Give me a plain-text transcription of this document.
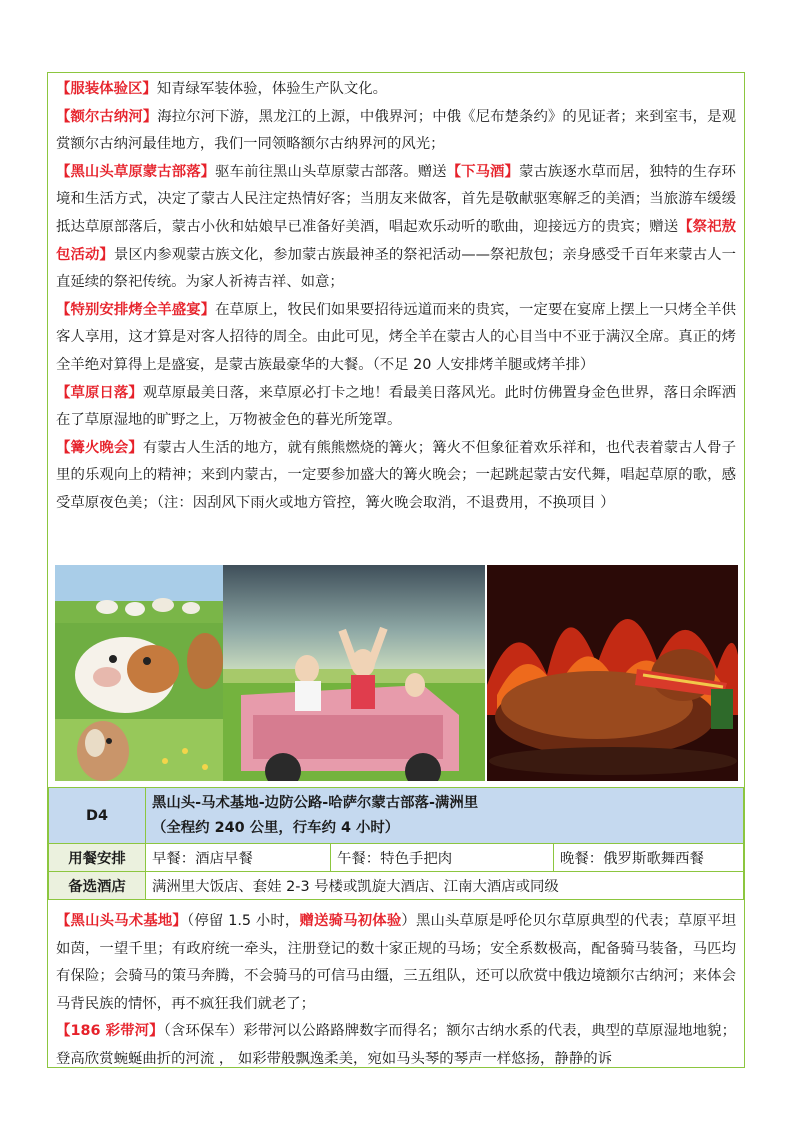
【服装体验区】知青绿军装体验，体验生产队文化。

【额尔古纳河】海拉尔河下游，黑龙江的上源，中俄界河；中俄《尼布楚条约》的见证者；来到室韦，是观赏额尔古纳河最佳地方，我们一同领略额尔古纳界河的风光；

【黑山头草原蒙古部落】驱车前往黑山头草原蒙古部落。赠送【下马酒】蒙古族逐水草而居，独特的生存环境和生活方式，决定了蒙古人民注定热情好客；当朋友来做客，首先是敬献驱寒解乏的美酒；当旅游车缓缓抵达草原部落后，蒙古小伙和姑娘早已准备好美酒，唱起欢乐动听的歌曲，迎接远方的贵宾；赠送【祭祀敖包活动】景区内参观蒙古族文化，参加蒙古族最神圣的祭祀活动——祭祀敖包；亲身感受千百年来蒙古人一直延续的祭祀传统。为家人祈祷吉祥、如意；

【特别安排烤全羊盛宴】在草原上，牧民们如果要招待远道而来的贵宾，一定要在宴席上摆上一只烤全羊供客人享用，这才算是对客人招待的周全。由此可见，烤全羊在蒙古人的心目当中不亚于满汉全席。真正的烤全羊绝对算得上是盛宴，是蒙古族最豪华的大餐。（不足 20 人安排烤羊腿或烤羊排）

【草原日落】观草原最美日落，来草原必打卡之地！看最美日落风光。此时仿佛置身金色世界，落日余晖洒在了草原湿地的旷野之上，万物被金色的暮光所笼罩。

【篝火晚会】有蒙古人生活的地方，就有熊熊燃烧的篝火；篝火不但象征着欢乐祥和，也代表着蒙古人骨子里的乐观向上的精神；来到内蒙古，一定要参加盛大的篝火晚会；一起跳起蒙古安代舞，唱起草原的歌，感受草原夜色美；（注：因刮风下雨火或地方管控，篝火晚会取消，不退费用，不换项目 ）

D4	黑山头-马术基地-边防公路-哈萨尔蒙古部落-满洲里
（全程约 240 公里，行车约 4 小时）		

用餐安排	早餐：酒店早餐	午餐：特色手把肉	晚餐：俄罗斯歌舞西餐
备选酒店	满洲里大饭店、套娃 2-3 号楼或凯旋大酒店、江南大酒店或同级		

【黑山头马术基地】（停留 1.5 小时，赠送骑马初体验）黑山头草原是呼伦贝尔草原典型的代表；草原平坦如茵，一望千里；有政府统一牵头，注册登记的数十家正规的马场；安全系数极高，配备骑马装备，马匹均有保险；会骑马的策马奔腾，不会骑马的可信马由缰，三五组队，还可以欣赏中俄边境额尔古纳河；来体会马背民族的情怀，再不疯狂我们就老了；

【186 彩带河】（含环保车）彩带河以公路路牌数字而得名；额尔古纳水系的代表，典型的草原湿地地貌；登高欣赏蜿蜒曲折的河流 ， 如彩带般飘逸柔美，宛如马头琴的琴声一样悠扬，静静的诉
